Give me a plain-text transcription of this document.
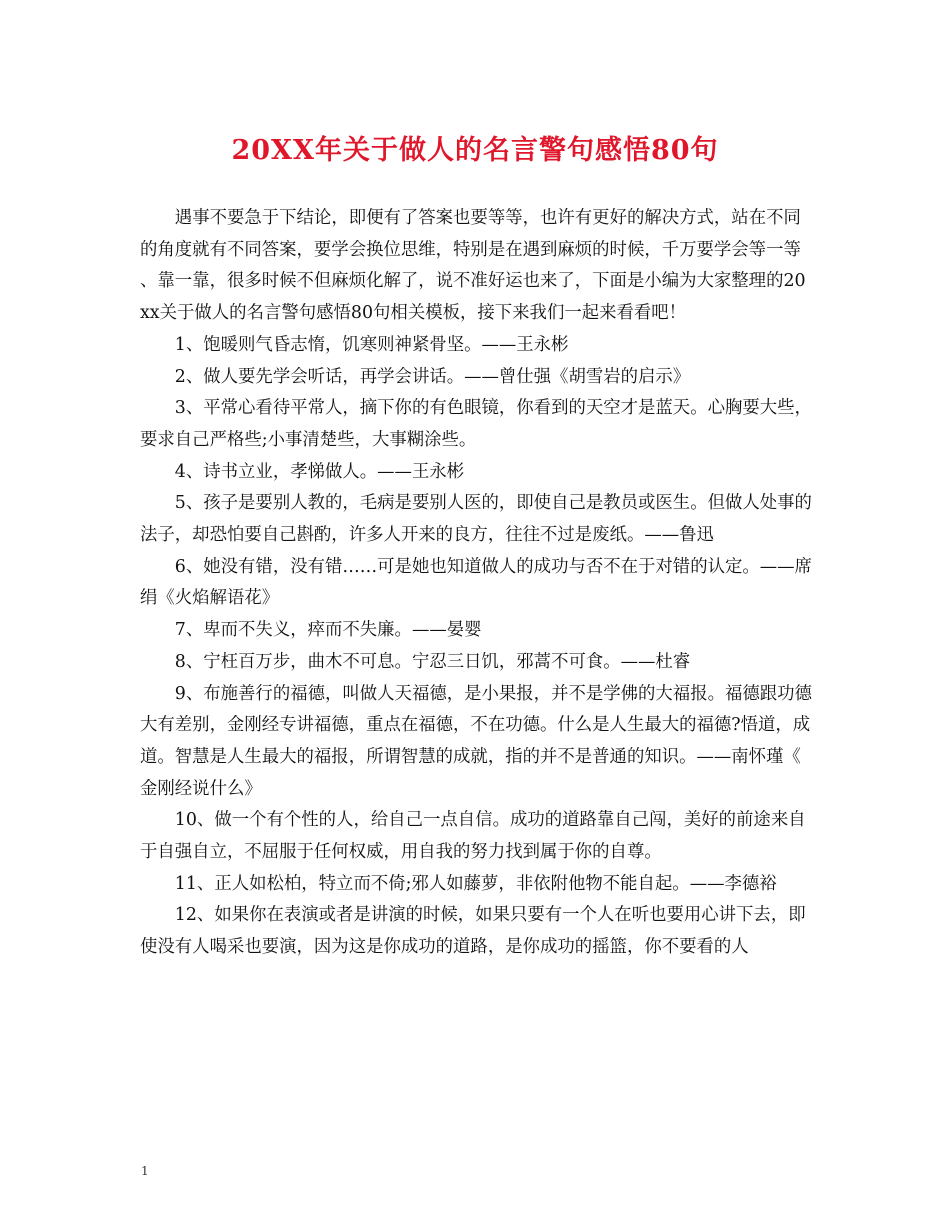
20XX年关于做人的名言警句感悟80句

遇事不要急于下结论，即便有了答案也要等等，也许有更好的解决方式，站在不同的角度就有不同答案，要学会换位思维，特别是在遇到麻烦的时候，千万要学会等一等、靠一靠，很多时候不但麻烦化解了，说不准好运也来了，下面是小编为大家整理的20xx关于做人的名言警句感悟80句相关模板，接下来我们一起来看看吧！

1、饱暖则气昏志惰，饥寒则神紧骨坚。——王永彬

2、做人要先学会听话，再学会讲话。——曾仕强《胡雪岩的启示》

3、平常心看待平常人，摘下你的有色眼镜，你看到的天空才是蓝天。心胸要大些，要求自己严格些;小事清楚些，大事糊涂些。

4、诗书立业，孝悌做人。——王永彬

5、孩子是要别人教的，毛病是要别人医的，即使自己是教员或医生。但做人处事的法子，却恐怕要自己斟酌，许多人开来的良方，往往不过是废纸。——鲁迅

6、她没有错，没有错……可是她也知道做人的成功与否不在于对错的认定。——席绢《火焰解语花》

7、卑而不失义，瘁而不失廉。——晏婴

8、宁枉百万步，曲木不可息。宁忍三日饥，邪蒿不可食。——杜睿

9、布施善行的福德，叫做人天福德，是小果报，并不是学佛的大福报。福德跟功德大有差别，金刚经专讲福德，重点在福德，不在功德。什么是人生最大的福德?悟道，成道。智慧是人生最大的福报，所谓智慧的成就，指的并不是普通的知识。——南怀瑾《金刚经说什么》

10、做一个有个性的人，给自己一点自信。成功的道路靠自己闯，美好的前途来自于自强自立，不屈服于任何权威，用自我的努力找到属于你的自尊。

11、正人如松柏，特立而不倚;邪人如藤萝，非依附他物不能自起。——李德裕

12、如果你在表演或者是讲演的时候，如果只要有一个人在听也要用心讲下去，即使没有人喝采也要演，因为这是你成功的道路，是你成功的摇篮，你不要看的人

1
